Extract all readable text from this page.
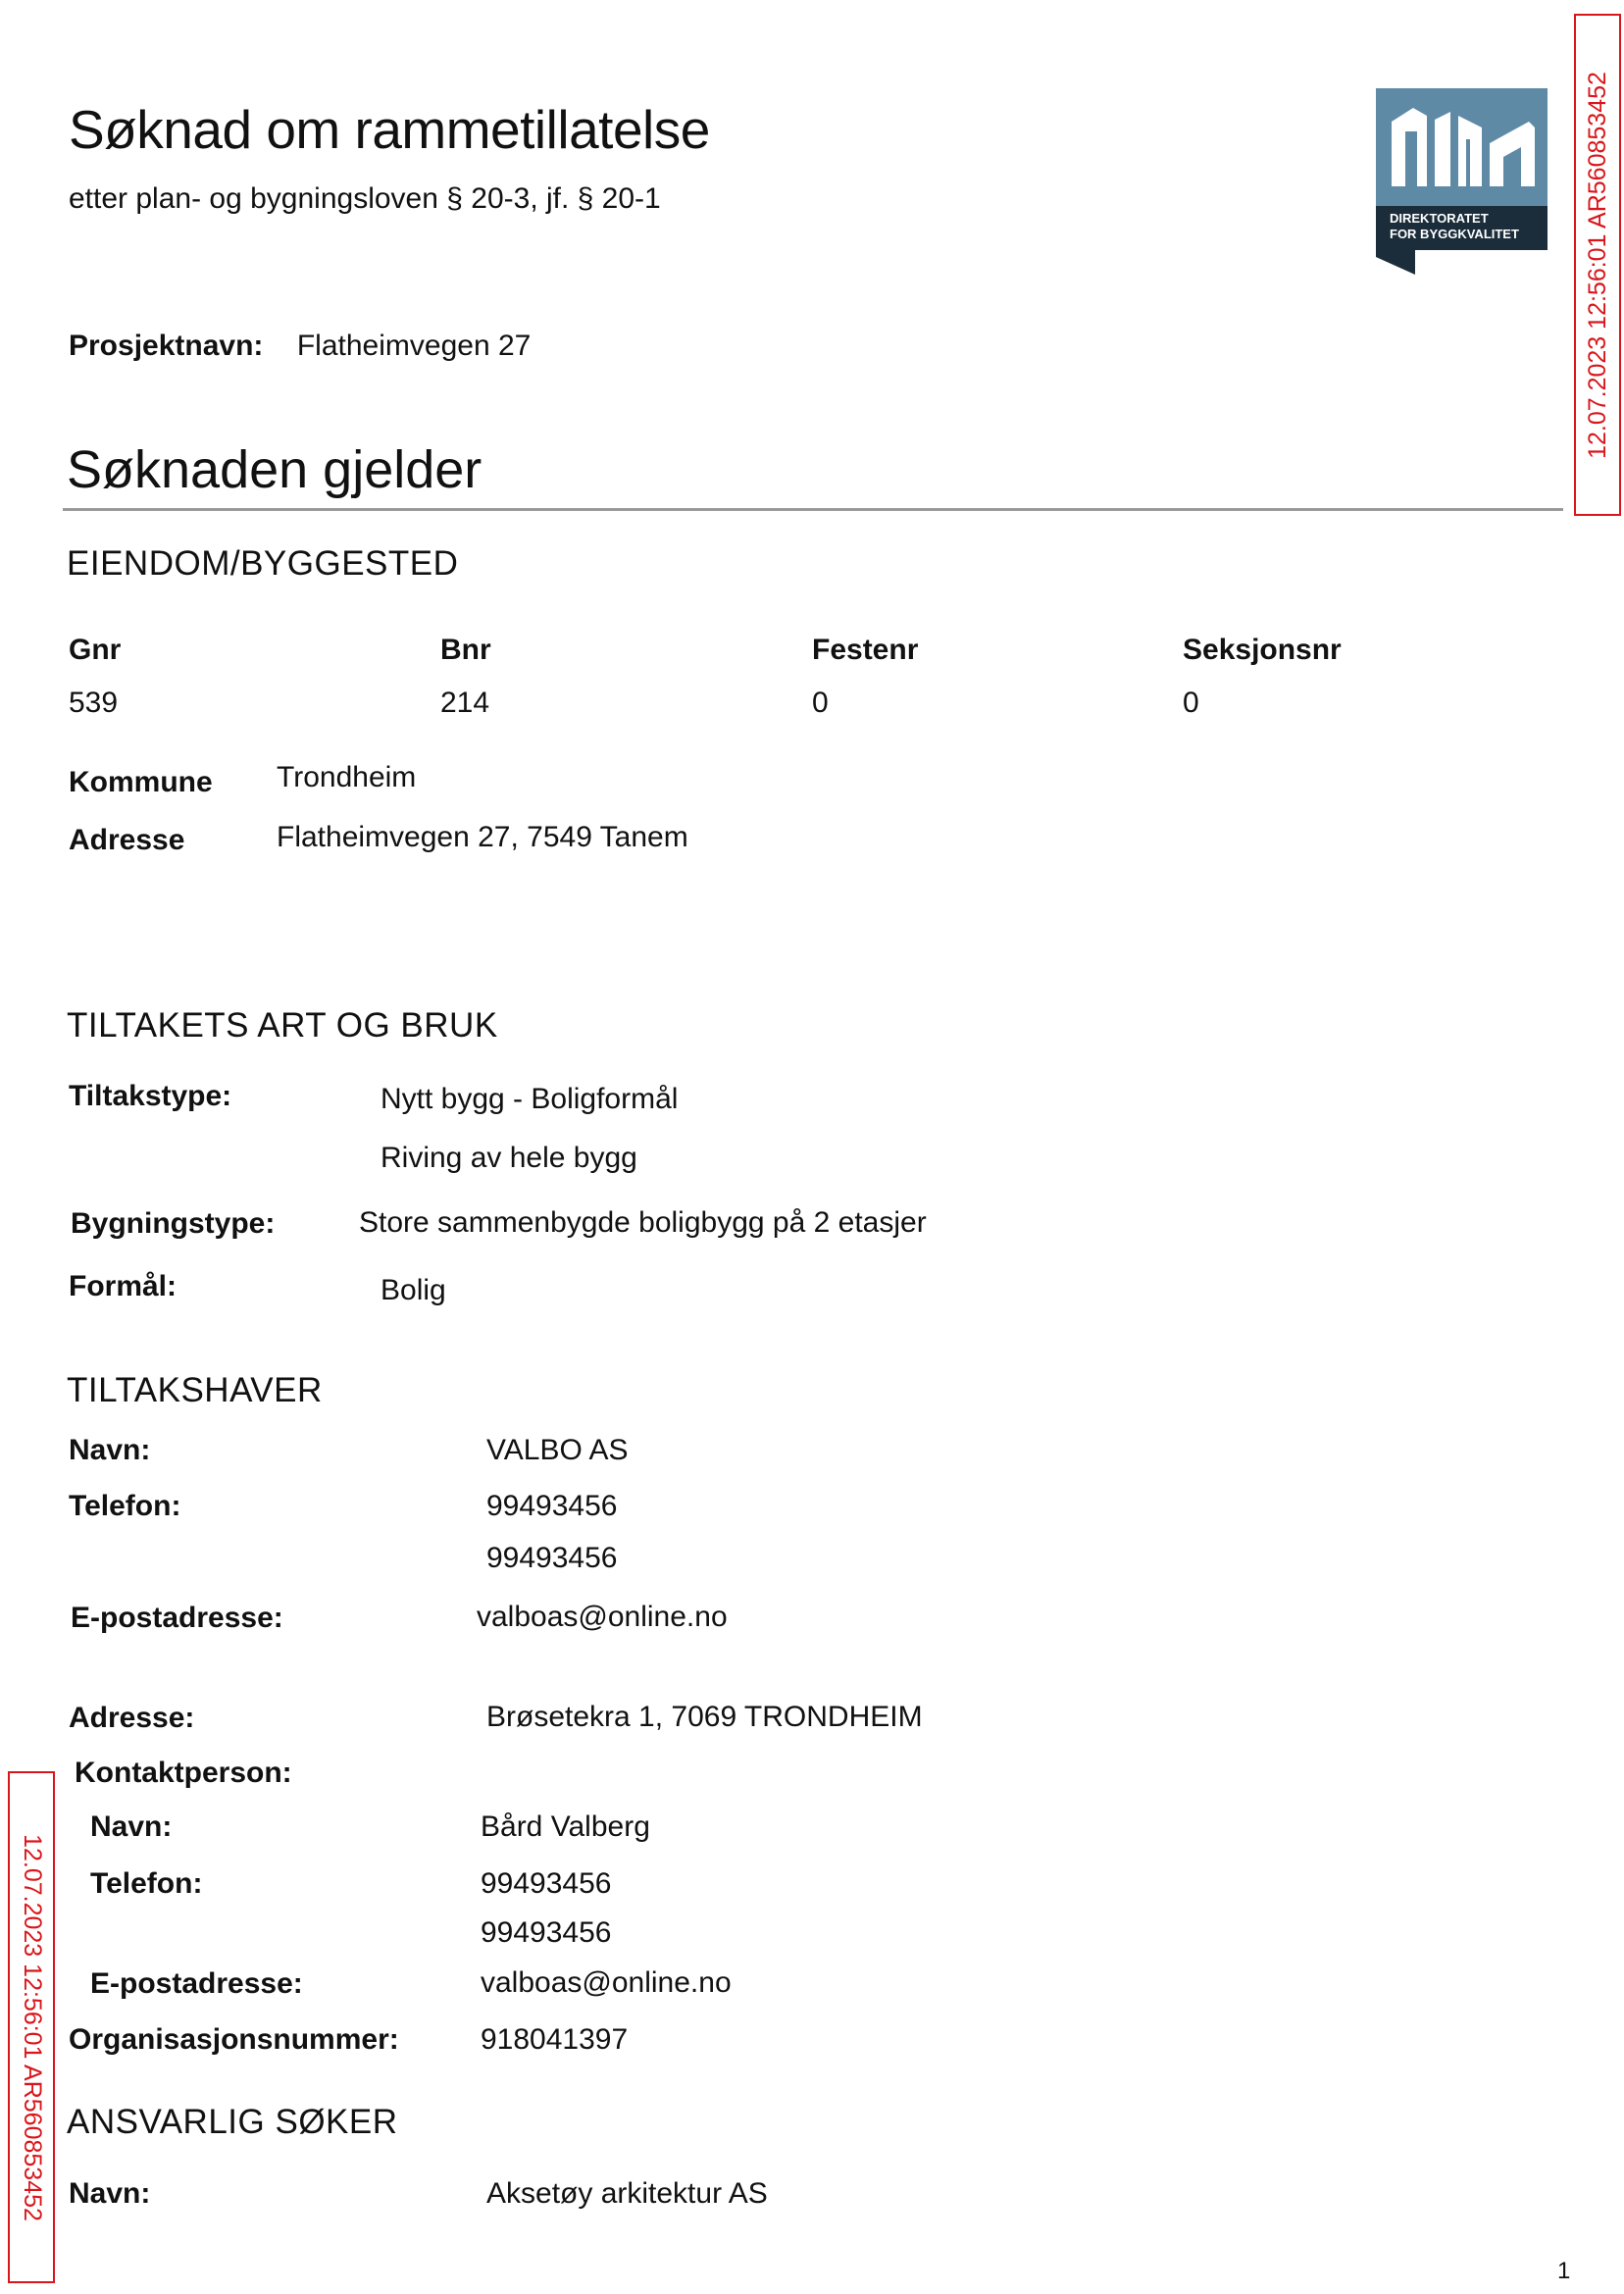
Søknad om rammetillatelse
etter plan- og bygningsloven § 20-3, jf. § 20-1
DIREKTORATET
FOR BYGGKVALITET	12.07.2023 12:56:01 AR560853452
Prosjektnavn: Flatheimvegen 27
Søknaden gjelder
EIENDOM/BYGGESTED
Gnr	Bnr	Festenr	Seksjonsnr
539	214	0	0
Kommune Trondheim
Adresse	Flatheimvegen 27, 7549 Tanem
TILTAKETS ART OG BRUK
Tiltakstype:	Nytt bygg - Boligformål
Riving av hele bygg
Bygningstype:	Store sammenbygde boligbygg på 2 etasjer
Formål:	Bolig
TILTAKSHAVER
Navn:	VALBO AS
Telefon:	99493456
99493456
E-postadresse:	valboas@online.no
Adresse:	Brøsetekra 1, 7069 TRONDHEIM
Kontaktperson:
Navn:	Bård Valberg
Telefon:	99493456
99493456
E-postadresse:	valboas@online.no
Organisasjonsnummer:	918041397
ANSVARLIG SØKER
Navn:	Aksetøy arkitektur AS
12.07.2023 12:56:01 AR560853452
1
